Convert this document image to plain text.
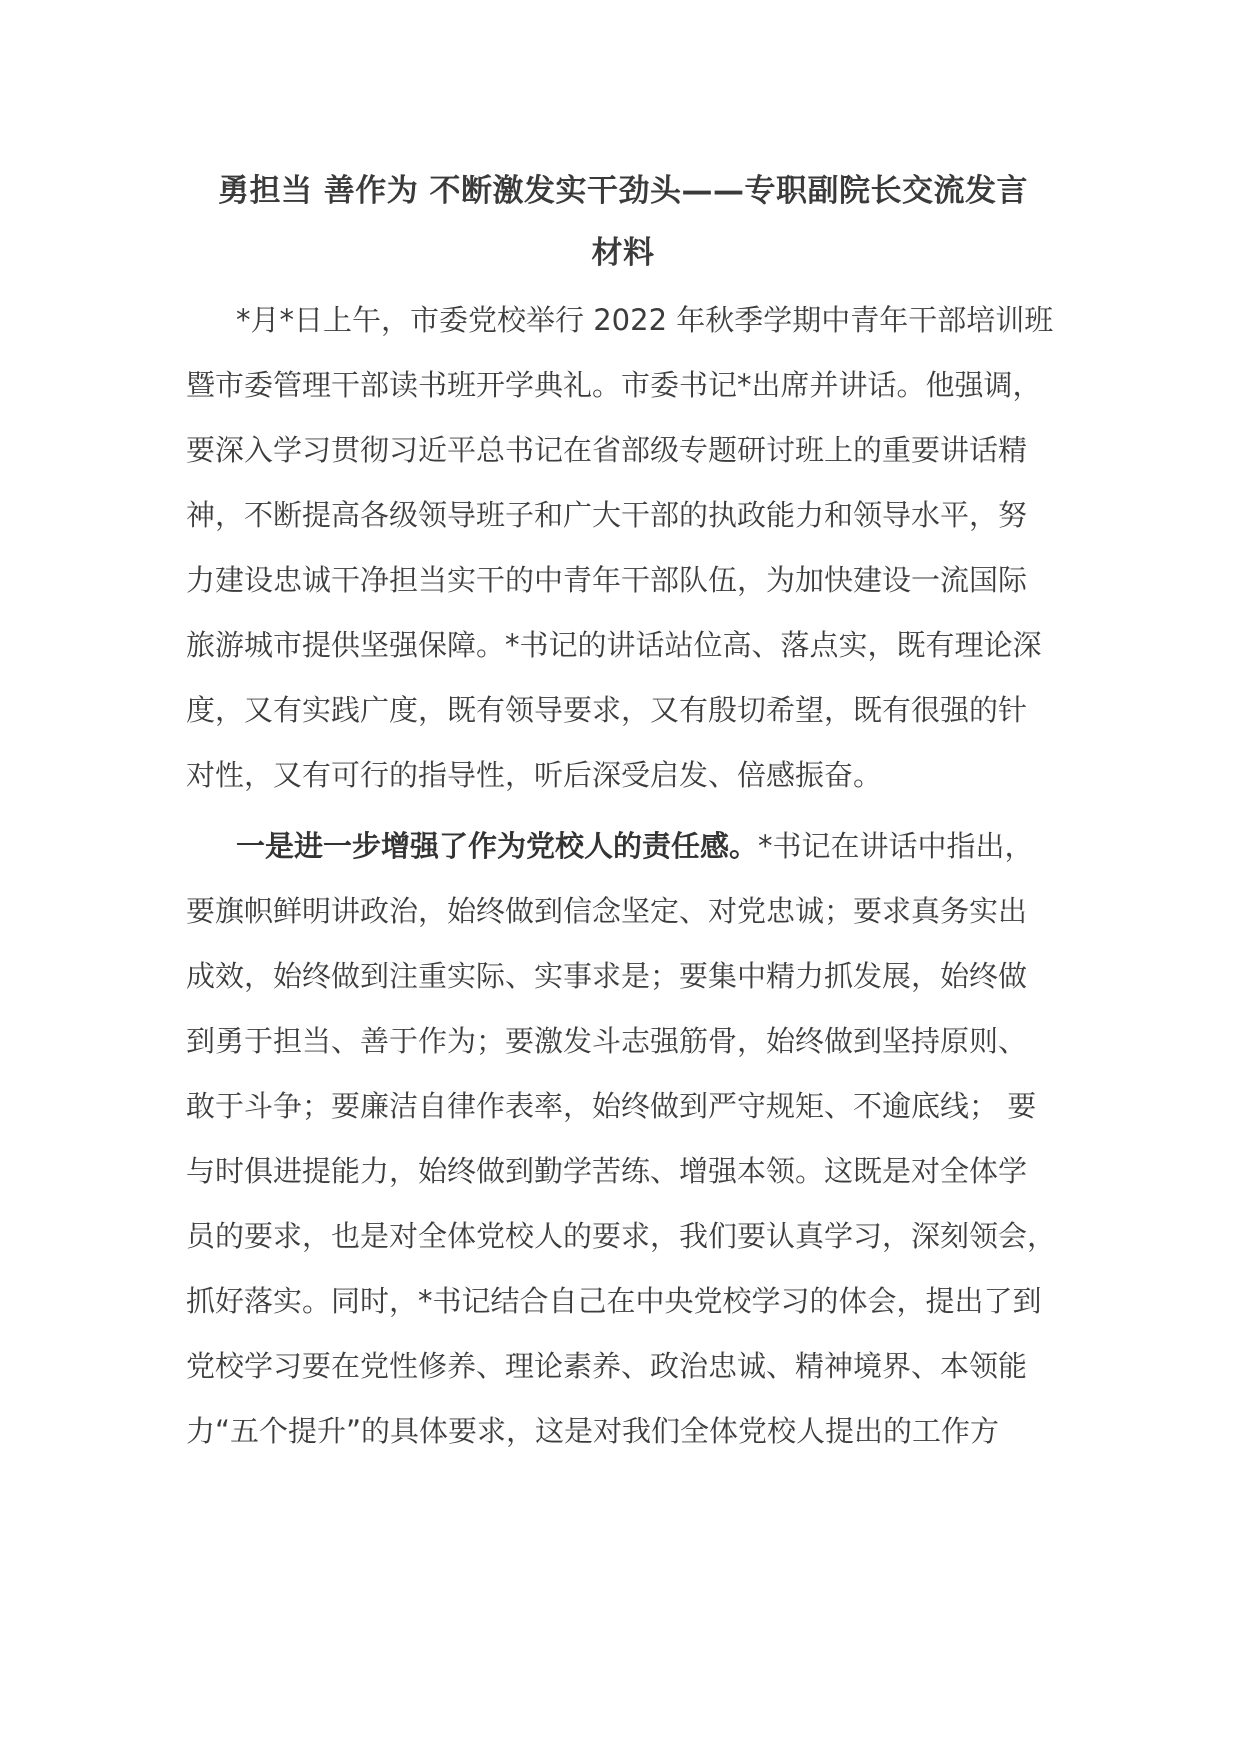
勇担当 善作为 不断激发实干劲头——专职副院长交流发言
材料
*月*日上午，市委党校举行 2022 年秋季学期中青年干部培训班
暨市委管理干部读书班开学典礼。市委书记*出席并讲话。他强调，
要深入学习贯彻习近平总书记在省部级专题研讨班上的重要讲话精
神，不断提高各级领导班子和广大干部的执政能力和领导水平，努
力建设忠诚干净担当实干的中青年干部队伍，为加快建设一流国际
旅游城市提供坚强保障。*书记的讲话站位高、落点实，既有理论深
度，又有实践广度，既有领导要求，又有殷切希望，既有很强的针
对性，又有可行的指导性，听后深受启发、倍感振奋。
一是进一步增强了作为党校人的责任感。*书记在讲话中指出，
要旗帜鲜明讲政治，始终做到信念坚定、对党忠诚；要求真务实出
成效，始终做到注重实际、实事求是；要集中精力抓发展，始终做
到勇于担当、善于作为；要激发斗志强筋骨，始终做到坚持原则、
敢于斗争；要廉洁自律作表率，始终做到严守规矩、不逾底线； 要
与时俱进提能力，始终做到勤学苦练、增强本领。这既是对全体学
员的要求，也是对全体党校人的要求，我们要认真学习，深刻领会，
抓好落实。同时，*书记结合自己在中央党校学习的体会，提出了到
党校学习要在党性修养、理论素养、政治忠诚、精神境界、本领能
力“五个提升”的具体要求，这是对我们全体党校人提出的工作方
